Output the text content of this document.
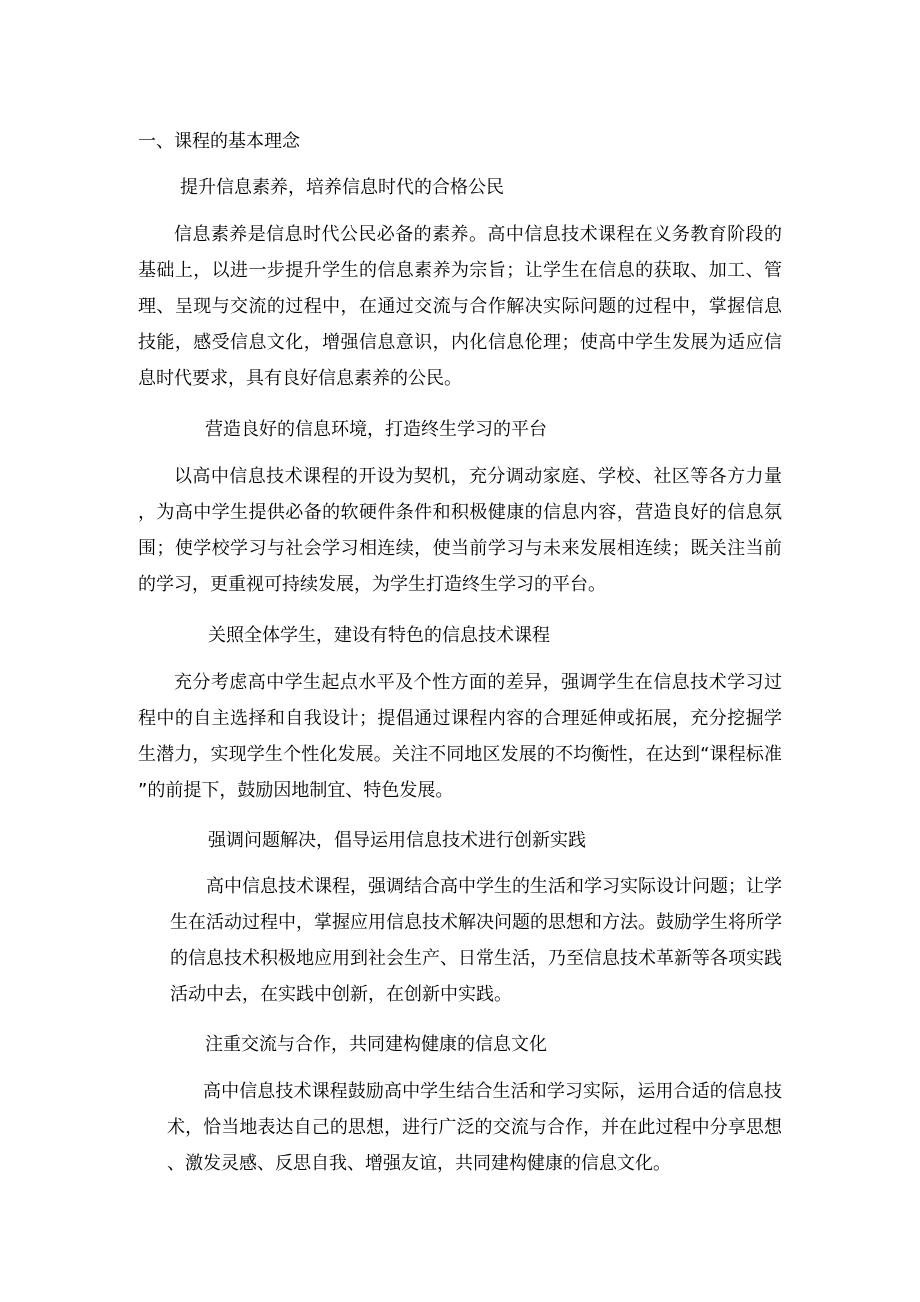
一、课程的基本理念
提升信息素养，培养信息时代的合格公民

信息素养是信息时代公民必备的素养。高中信息技术课程在义务教育阶段的基础上，以进一步提升学生的信息素养为宗旨；让学生在信息的获取、加工、管理、呈现与交流的过程中，在通过交流与合作解决实际问题的过程中，掌握信息技能，感受信息文化，增强信息意识，内化信息伦理；使高中学生发展为适应信息时代要求，具有良好信息素养的公民。

营造良好的信息环境，打造终生学习的平台

以高中信息技术课程的开设为契机，充分调动家庭、学校、社区等各方力量，为高中学生提供必备的软硬件条件和积极健康的信息内容，营造良好的信息氛围；使学校学习与社会学习相连续，使当前学习与未来发展相连续；既关注当前的学习，更重视可持续发展，为学生打造终生学习的平台。

关照全体学生，建设有特色的信息技术课程

充分考虑高中学生起点水平及个性方面的差异，强调学生在信息技术学习过程中的自主选择和自我设计；提倡通过课程内容的合理延伸或拓展，充分挖掘学生潜力，实现学生个性化发展。关注不同地区发展的不均衡性，在达到“课程标准”的前提下，鼓励因地制宜、特色发展。

强调问题解决，倡导运用信息技术进行创新实践

高中信息技术课程，强调结合高中学生的生活和学习实际设计问题；让学生在活动过程中，掌握应用信息技术解决问题的思想和方法。鼓励学生将所学的信息技术积极地应用到社会生产、日常生活，乃至信息技术革新等各项实践活动中去，在实践中创新，在创新中实践。

注重交流与合作，共同建构健康的信息文化

高中信息技术课程鼓励高中学生结合生活和学习实际，运用合适的信息技术，恰当地表达自己的思想，进行广泛的交流与合作，并在此过程中分享思想、激发灵感、反思自我、增强友谊，共同建构健康的信息文化。
